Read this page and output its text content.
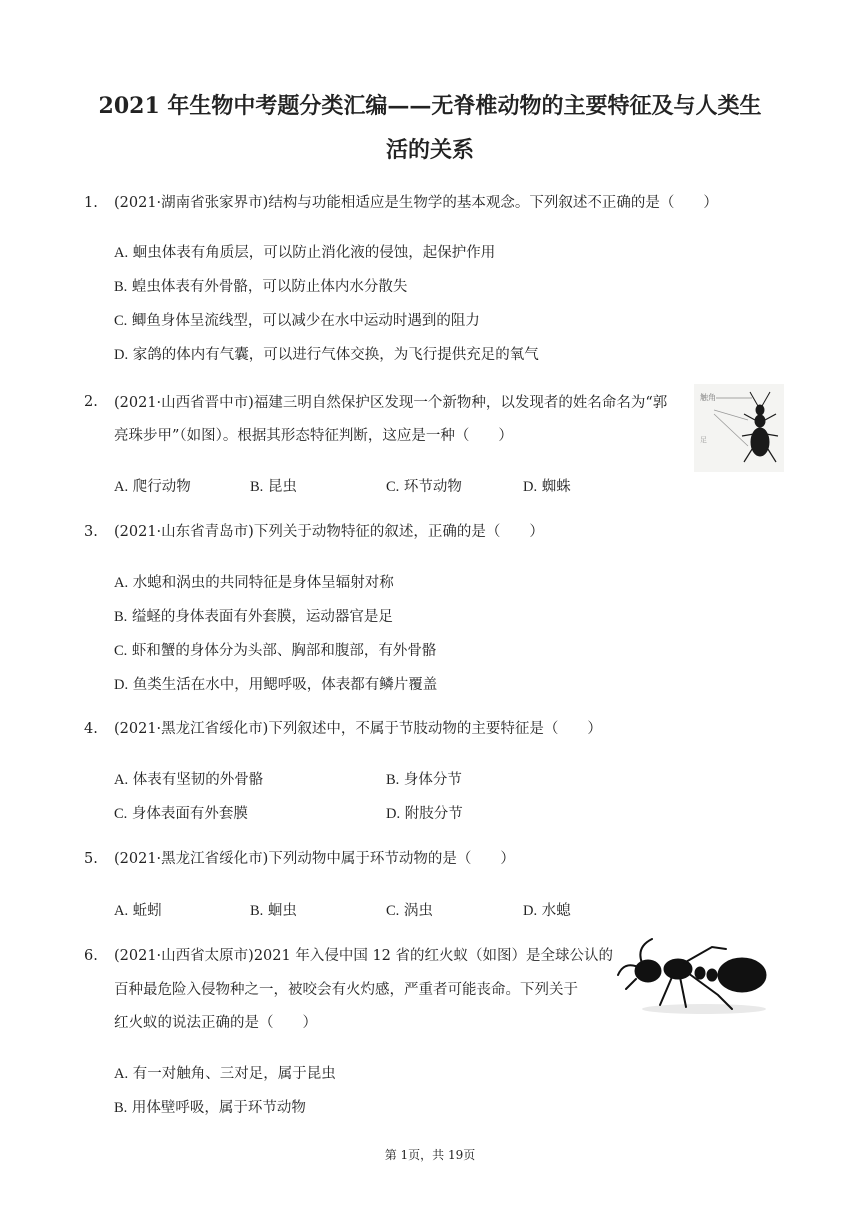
2021 年生物中考题分类汇编——无脊椎动物的主要特征及与人类生
活的关系
1. (2021·湖南省张家界市)结构与功能相适应是生物学的基本观念。下列叙述不正确的是（　　）
A. 蛔虫体表有角质层，可以防止消化液的侵蚀，起保护作用
B. 蝗虫体表有外骨骼，可以防止体内水分散失
C. 鲫鱼身体呈流线型，可以减少在水中运动时遇到的阻力
D. 家鸽的体内有气囊，可以进行气体交换，为飞行提供充足的氧气
2. (2021·山西省晋中市)福建三明自然保护区发现一个新物种，以发现者的姓名命名为“郭
亮珠步甲”（如图）。根据其形态特征判断，这应是一种（　　）
触角
足
A. 爬行动物	B. 昆虫	C. 环节动物	D. 蜘蛛
3. (2021·山东省青岛市)下列关于动物特征的叙述，正确的是（　　）
A. 水螅和涡虫的共同特征是身体呈辐射对称
B. 缢蛏的身体表面有外套膜，运动器官是足
C. 虾和蟹的身体分为头部、胸部和腹部，有外骨骼
D. 鱼类生活在水中，用鳃呼吸，体表都有鳞片覆盖
4. (2021·黑龙江省绥化市)下列叙述中，不属于节肢动物的主要特征是（　　）
A. 体表有坚韧的外骨骼	B. 身体分节
C. 身体表面有外套膜	D. 附肢分节
5. (2021·黑龙江省绥化市)下列动物中属于环节动物的是（　　）
A. 蚯蚓	B. 蛔虫	C. 涡虫	D. 水螅
6. (2021·山西省太原市)2021 年入侵中国 12 省的红火蚁（如图）是全球公认的
百种最危险入侵物种之一，被咬会有火灼感，严重者可能丧命。下列关于
红火蚁的说法正确的是（　　）
A. 有一对触角、三对足，属于昆虫
B. 用体壁呼吸，属于环节动物
第 1页，共 19页
